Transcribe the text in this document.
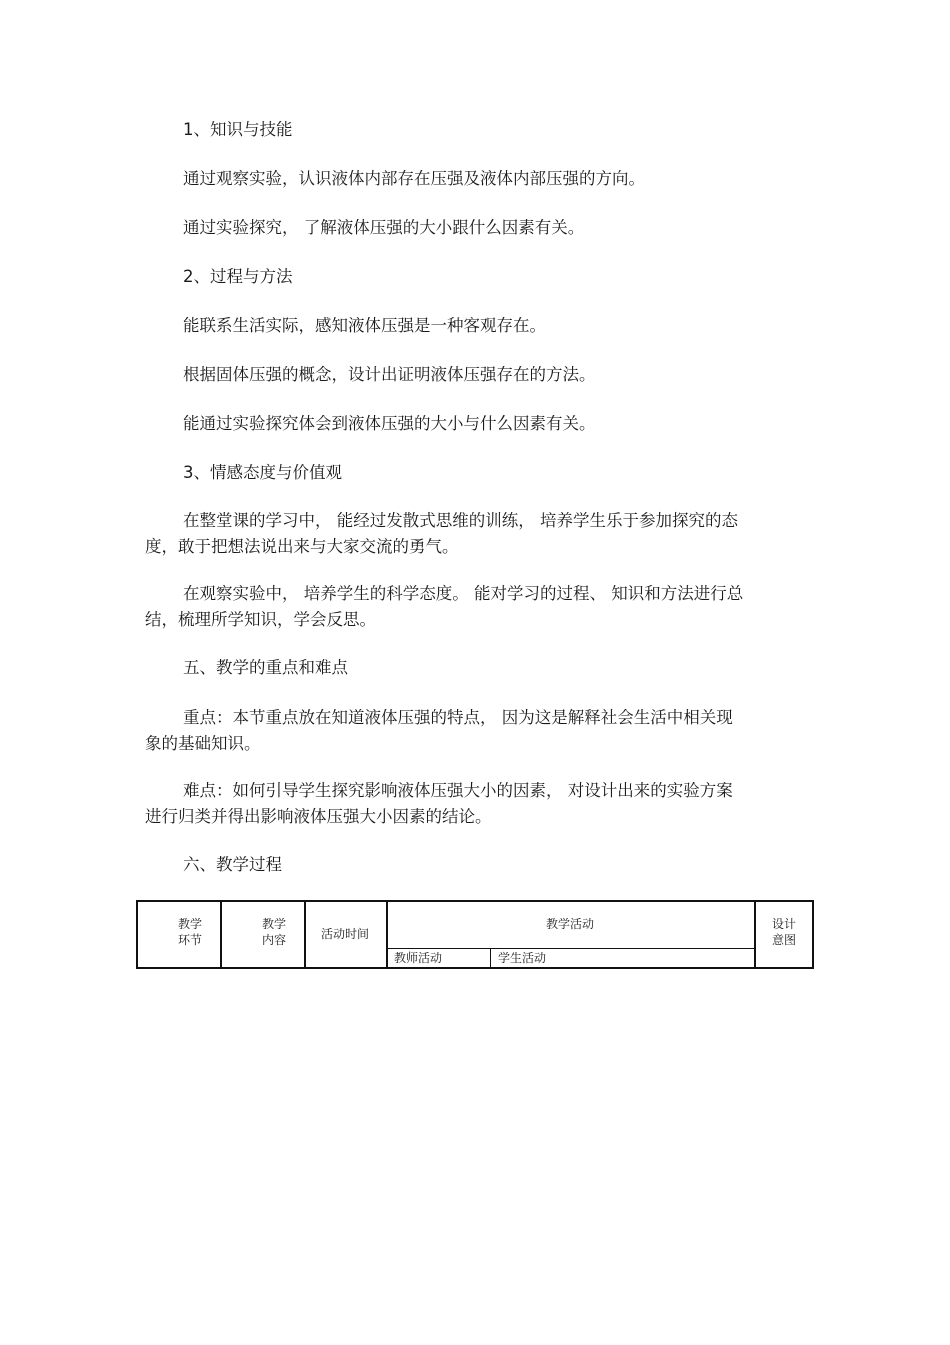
1、知识与技能
通过观察实验，认识液体内部存在压强及液体内部压强的方向。
通过实验探究， 了解液体压强的大小跟什么因素有关。
2、过程与方法
能联系生活实际，感知液体压强是一种客观存在。
根据固体压强的概念，设计出证明液体压强存在的方法。
能通过实验探究体会到液体压强的大小与什么因素有关。
3、情感态度与价值观
在整堂课的学习中， 能经过发散式思维的训练， 培养学生乐于参加探究的态
度，敢于把想法说出来与大家交流的勇气。
在观察实验中， 培养学生的科学态度。 能对学习的过程、 知识和方法进行总
结，梳理所学知识，学会反思。
五、教学的重点和难点
重点：本节重点放在知道液体压强的特点， 因为这是解释社会生活中相关现
象的基础知识。
难点：如何引导学生探究影响液体压强大小的因素， 对设计出来的实验方案
进行归类并得出影响液体压强大小因素的结论。
六、教学过程
教学
环节
教学
内容	活动时间
教学活动
教师活动	学生活动
设计
意图
